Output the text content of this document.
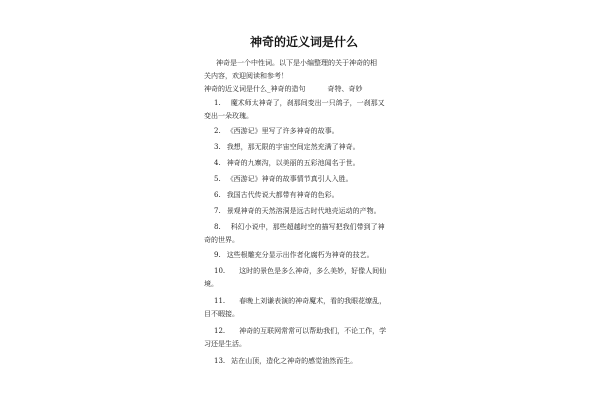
神奇的近义词是什么
神奇是一个中性词。以下是小编整理的关于神奇的相
关内容，欢迎阅读和参考！
神奇的近义词是什么_神奇的造句	奇特、奇妙
1. 魔术师太神奇了，刹那间变出一只鸽子，一刹那又
变出一朵玫瑰。
2. 《西游记》里写了许多神奇的故事。
3. 我想，那无限的宇宙空间定然充满了神奇。
4. 神奇的九寨沟，以美丽的五彩池闻名于世。
5. 《西游记》神奇的故事情节真引人入胜。
6. 我国古代传说大都带有神奇的色彩。
7. 景观神奇的天然溶洞是远古时代地壳运动的产物。
8. 科幻小说中，那些超越时空的描写把我们带到了神
奇的世界。
9. 这些根雕充分显示出作者化腐朽为神奇的技艺。
10. 这时的景色是多么神奇，多么美妙，好像人间仙
境。
11. 春晚上刘谦表演的神奇魔术，看的我眼花缭乱，
目不暇接。
12. 神奇的互联网常常可以帮助我们，不论工作，学
习还是生活。
13. 站在山顶，造化之神奇的感觉油然而生。
